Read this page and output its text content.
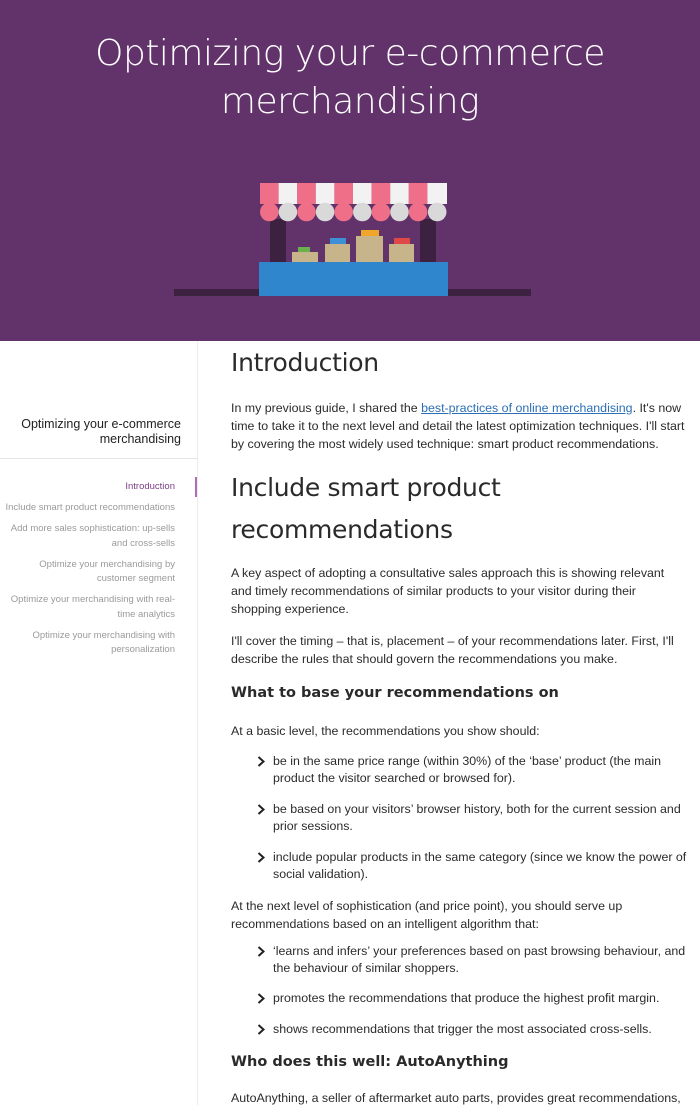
Optimizing your e-commerce
merchandising
Optimizing your e-commerce merchandising
Introduction
Include smart product recommendations
Add more sales sophistication: up-sells and cross-sells
Optimize your merchandising by customer segment
Optimize your merchandising with real-time analytics
Optimize your merchandising with personalization
Introduction

In my previous guide, I shared the best-practices of online merchandising. It's now time to take it to the next level and detail the latest optimization techniques. I'll start by covering the most widely used technique: smart product recommendations.

Include smart product
recommendations

A key aspect of adopting a consultative sales approach this is showing relevant and timely recommendations of similar products to your visitor during their shopping experience.

I'll cover the timing – that is, placement – of your recommendations later. First, I'll describe the rules that should govern the recommendations you make.

What to base your recommendations on

At a basic level, the recommendations you show should:

be in the same price range (within 30%) of the ‘base’ product (the main product the visitor searched or browsed for).
be based on your visitors’ browser history, both for the current session and prior sessions.
include popular products in the same category (since we know the power of social validation).

At the next level of sophistication (and price point), you should serve up recommendations based on an intelligent algorithm that:

‘learns and infers’ your preferences based on past browsing behaviour, and the behaviour of similar shoppers.
promotes the recommendations that produce the highest profit margin.
shows recommendations that trigger the most associated cross-sells.
Who does this well: AutoAnything

AutoAnything, a seller of aftermarket auto parts, provides great recommendations,
